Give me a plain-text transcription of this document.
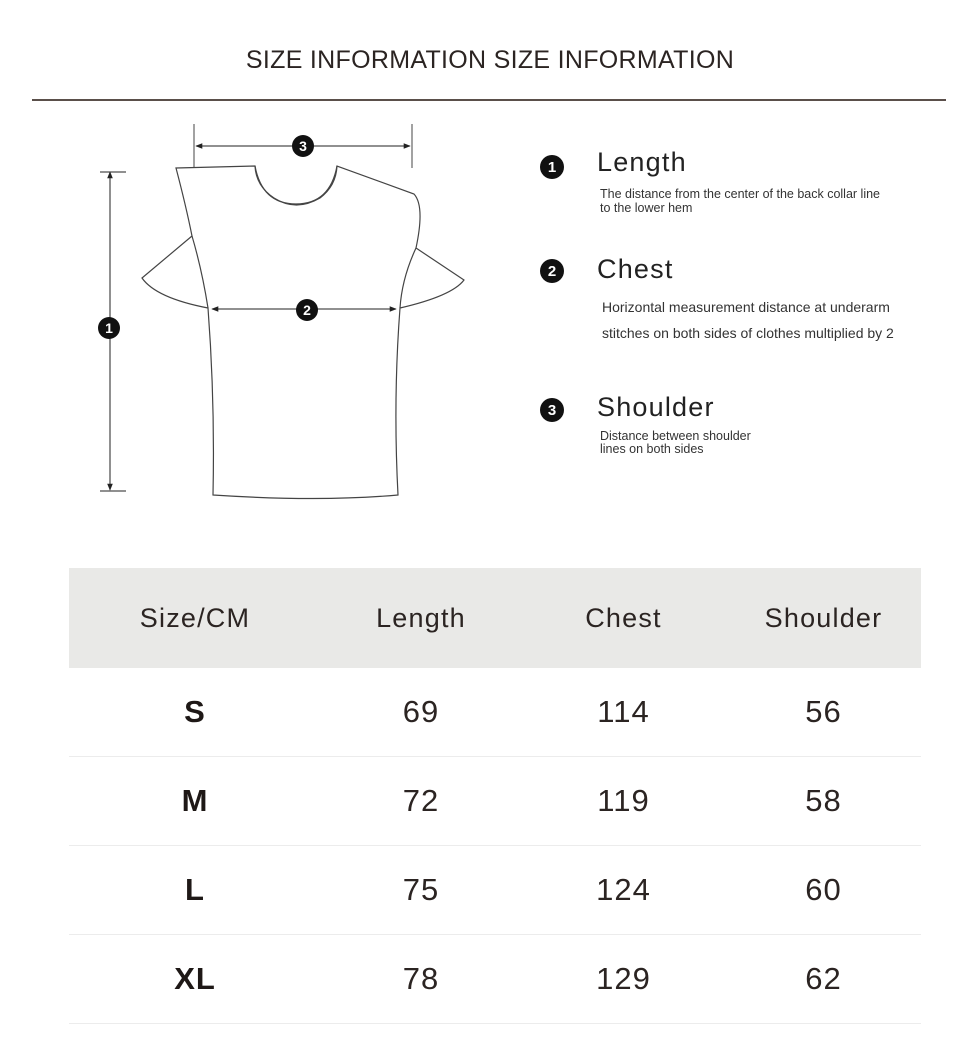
SIZE INFORMATION SIZE INFORMATION
1
2
3
1 Length
The distance from the center of the back collar line
to the lower hem
2 Chest
Horizontal measurement distance at underarm
stitches on both sides of clothes multiplied by 2
3 Shoulder
Distance between shoulder
lines on both sides
Size/CM	Length	Chest	Shoulder
S	69	114	56
M	72	119	58
L	75	124	60
XL	78	129	62
